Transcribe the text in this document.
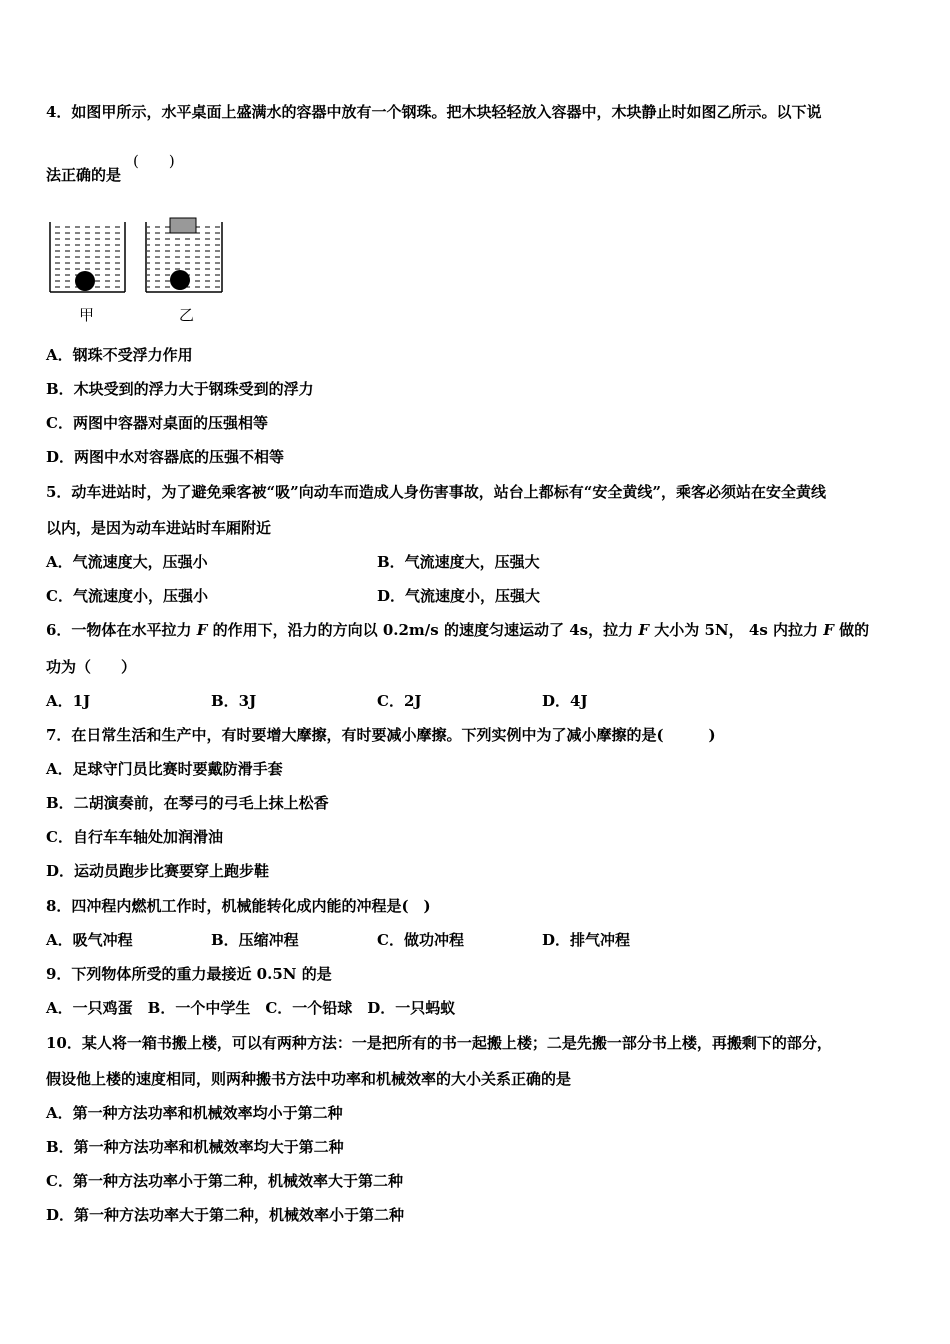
4．如图甲所示，水平桌面上盛满水的容器中放有一个钢珠。把木块轻轻放入容器中，木块静止时如图乙所示。以下说
法正确的是
(　　)
甲	乙
A．钢珠不受浮力作用
B．木块受到的浮力大于钢珠受到的浮力
C．两图中容器对桌面的压强相等
D．两图中水对容器底的压强不相等
5．动车进站时，为了避免乘客被“吸”向动车而造成人身伤害事故，站台上都标有“安全黄线”，乘客必须站在安全黄线
以内，是因为动车进站时车厢附近
A．气流速度大，压强小	B．气流速度大，压强大
C．气流速度小，压强小	D．气流速度小，压强大
6．一物体在水平拉力 F 的作用下，沿力的方向以 0.2m/s 的速度匀速运动了 4s，拉力 F 大小为 5N， 4s 内拉力 F 做的
功为（　　）
A．1J	B．3J	C．2J	D．4J
7．在日常生活和生产中，有时要增大摩擦，有时要减小摩擦。下列实例中为了减小摩擦的是(　　　)
A．足球守门员比赛时要戴防滑手套
B．二胡演奏前，在琴弓的弓毛上抹上松香
C．自行车车轴处加润滑油
D．运动员跑步比赛要穿上跑步鞋
8．四冲程内燃机工作时，机械能转化成内能的冲程是(　)
A．吸气冲程	B．压缩冲程	C．做功冲程	D．排气冲程
9．下列物体所受的重力最接近 0.5N 的是
A．一只鸡蛋　B．一个中学生　C．一个铅球　D．一只蚂蚁
10．某人将一箱书搬上楼，可以有两种方法：一是把所有的书一起搬上楼；二是先搬一部分书上楼，再搬剩下的部分，
假设他上楼的速度相同，则两种搬书方法中功率和机械效率的大小关系正确的是
A．第一种方法功率和机械效率均小于第二种
B．第一种方法功率和机械效率均大于第二种
C．第一种方法功率小于第二种，机械效率大于第二种
D．第一种方法功率大于第二种，机械效率小于第二种
